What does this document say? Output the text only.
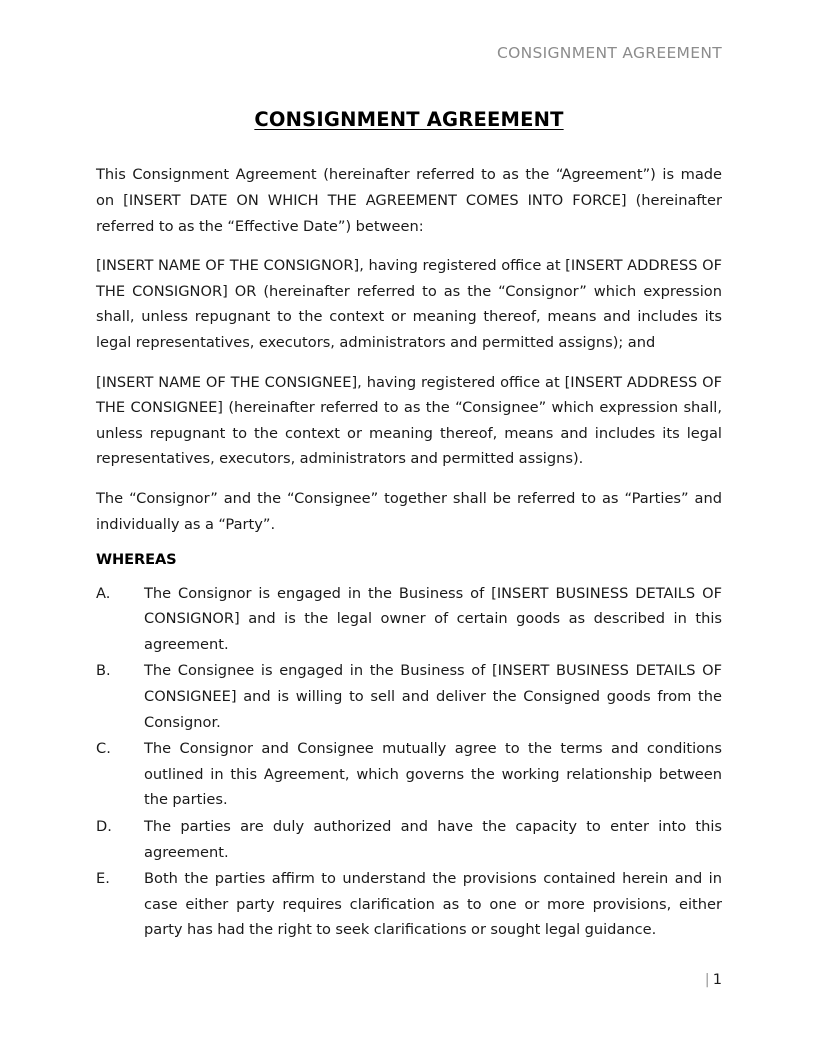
CONSIGNMENT AGREEMENT
CONSIGNMENT AGREEMENT

This Consignment Agreement (hereinafter referred to as the “Agreement”) is made on [INSERT DATE ON WHICH THE AGREEMENT COMES INTO FORCE] (hereinafter referred to as the “Effective Date”) between:

[INSERT NAME OF THE CONSIGNOR], having registered office at [INSERT ADDRESS OF THE CONSIGNOR] OR (hereinafter referred to as the “Consignor” which expression shall, unless repugnant to the context or meaning thereof, means and includes its legal representatives, executors, administrators and permitted assigns); and

[INSERT NAME OF THE CONSIGNEE], having registered office at [INSERT ADDRESS OF THE CONSIGNEE] (hereinafter referred to as the “Consignee” which expression shall, unless repugnant to the context or meaning thereof, means and includes its legal representatives, executors, administrators and permitted assigns).

The “Consignor” and the “Consignee” together shall be referred to as “Parties” and individually as a “Party”.

WHEREAS
A.	The Consignor is engaged in the Business of [INSERT BUSINESS DETAILS OF CONSIGNOR] and is the legal owner of certain goods as described in this agreement.
B.	The Consignee is engaged in the Business of [INSERT BUSINESS DETAILS OF CONSIGNEE] and is willing to sell and deliver the Consigned goods from the Consignor.
C.	The Consignor and Consignee mutually agree to the terms and conditions outlined in this Agreement, which governs the working relationship between the parties.
D.	The parties are duly authorized and have the capacity to enter into this agreement.
E.	Both the parties affirm to understand the provisions contained herein and in case either party requires clarification as to one or more provisions, either party has had the right to seek clarifications or sought legal guidance.
| 1
